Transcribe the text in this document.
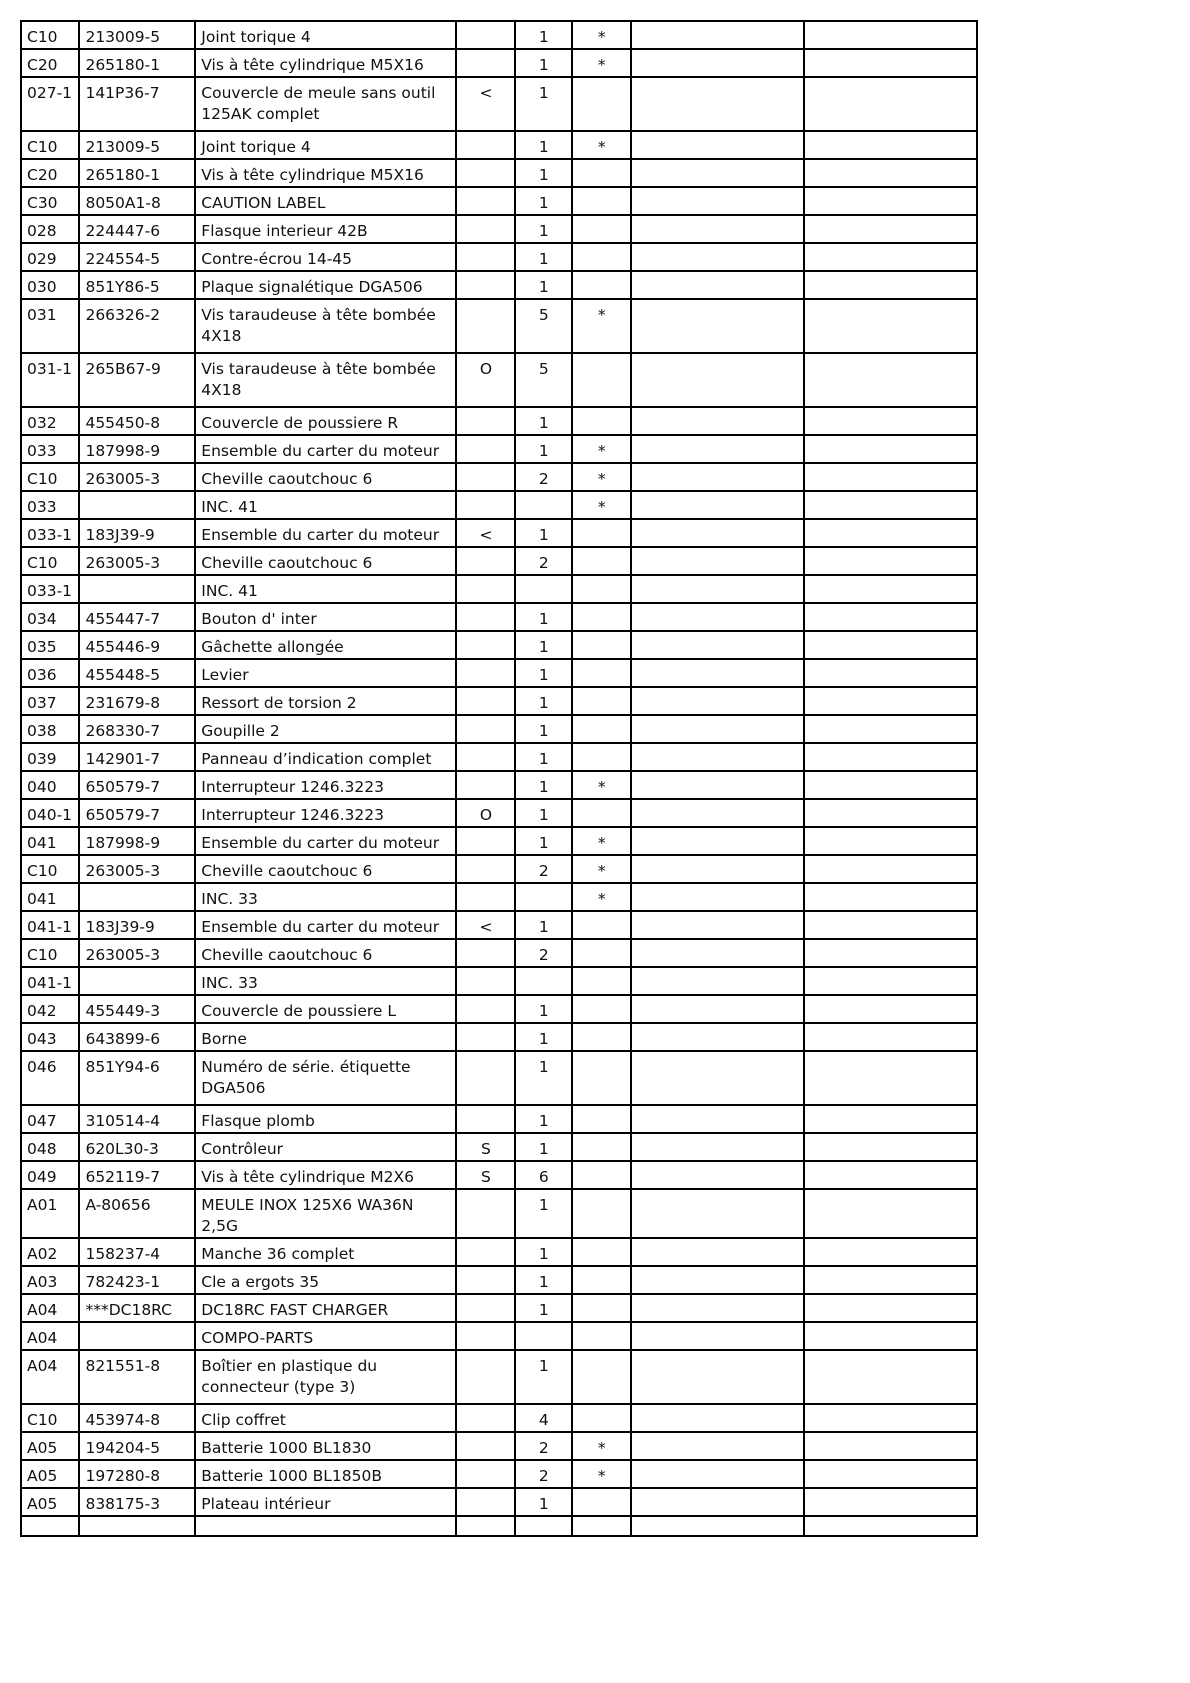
C10	213009-5	Joint torique 4		1	*		
C20	265180-1	Vis à tête cylindrique M5X16		1	*		
027-1	141P36-7	Couvercle de meule sans outil 125AK complet	<	1			
C10	213009-5	Joint torique 4		1	*		
C20	265180-1	Vis à tête cylindrique M5X16		1			
C30	8050A1-8	CAUTION LABEL		1			
028	224447-6	Flasque interieur 42B		1			
029	224554-5	Contre-écrou 14-45		1			
030	851Y86-5	Plaque signalétique DGA506		1			
031	266326-2	Vis taraudeuse à tête bombée 4X18		5	*		
031-1	265B67-9	Vis taraudeuse à tête bombée 4X18	O	5			
032	455450-8	Couvercle de poussiere R		1			
033	187998-9	Ensemble du carter du moteur		1	*		
C10	263005-3	Cheville caoutchouc 6		2	*		
033		INC. 41			*		
033-1	183J39-9	Ensemble du carter du moteur	<	1			
C10	263005-3	Cheville caoutchouc 6		2			
033-1		INC. 41					
034	455447-7	Bouton d' inter		1			
035	455446-9	Gâchette allongée		1			
036	455448-5	Levier		1			
037	231679-8	Ressort de torsion 2		1			
038	268330-7	Goupille 2		1			
039	142901-7	Panneau d’indication complet		1			
040	650579-7	Interrupteur 1246.3223		1	*		
040-1	650579-7	Interrupteur 1246.3223	O	1			
041	187998-9	Ensemble du carter du moteur		1	*		
C10	263005-3	Cheville caoutchouc 6		2	*		
041		INC. 33			*		
041-1	183J39-9	Ensemble du carter du moteur	<	1			
C10	263005-3	Cheville caoutchouc 6		2			
041-1		INC. 33					
042	455449-3	Couvercle de poussiere L		1			
043	643899-6	Borne		1			
046	851Y94-6	Numéro de série. étiquette DGA506		1			
047	310514-4	Flasque plomb		1			
048	620L30-3	Contrôleur	S	1			
049	652119-7	Vis à tête cylindrique M2X6	S	6			
A01	A-80656	MEULE INOX 125X6 WA36N 2,5G		1			
A02	158237-4	Manche 36 complet		1			
A03	782423-1	Cle a ergots 35		1			
A04	***DC18RC	DC18RC FAST CHARGER		1			
A04		COMPO-PARTS					
A04	821551-8	Boîtier en plastique du connecteur (type 3)		1			
C10	453974-8	Clip coffret		4			
A05	194204-5	Batterie 1000 BL1830		2	*		
A05	197280-8	Batterie 1000 BL1850B		2	*		
A05	838175-3	Plateau intérieur		1			
